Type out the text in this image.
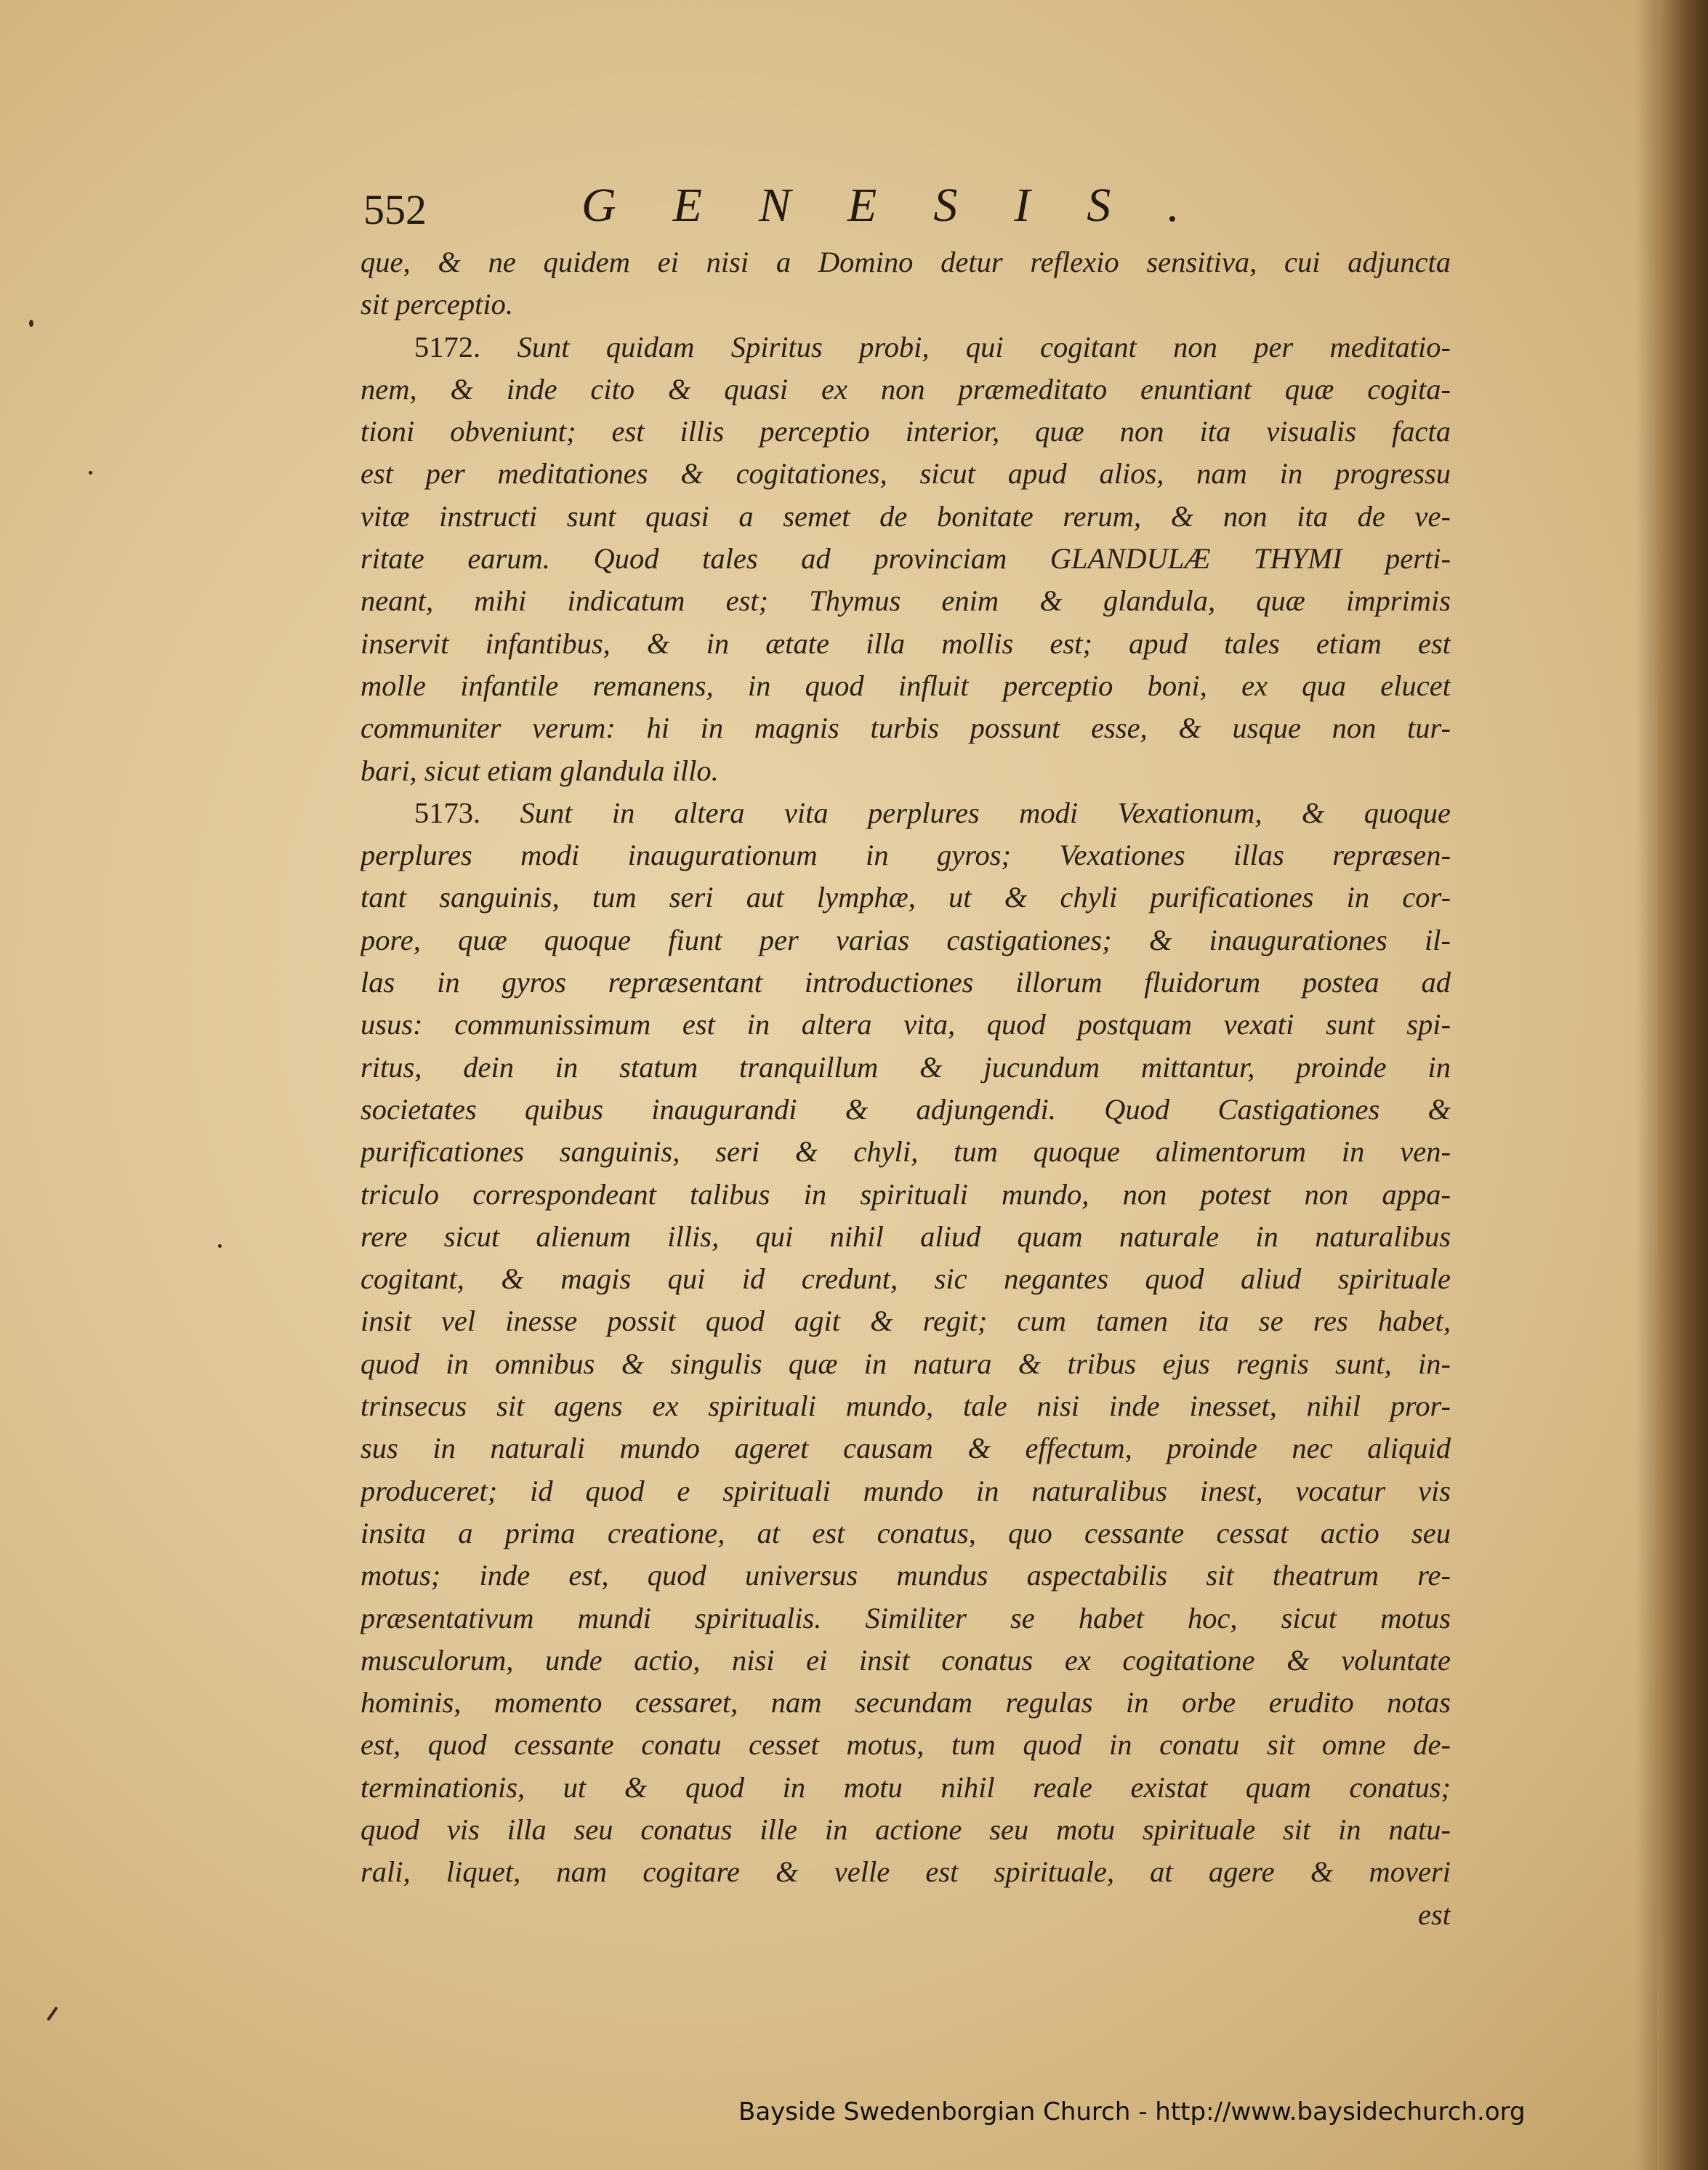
552	GENESIS.
que, & ne quidem ei nisi a Domino detur reflexio sensitiva, cui adjuncta
sit perceptio.
5172. Sunt quidam Spiritus probi, qui cogitant non per meditatio-
nem, & inde cito & quasi ex non præmeditato enuntiant quæ cogita-
tioni obveniunt; est illis perceptio interior, quæ non ita visualis facta
est per meditationes & cogitationes, sicut apud alios, nam in progressu
vitæ instructi sunt quasi a semet de bonitate rerum, & non ita de ve-
ritate earum. Quod tales ad provinciam GLANDULÆ THYMI perti-
neant, mihi indicatum est; Thymus enim & glandula, quæ imprimis
inservit infantibus, & in ætate illa mollis est; apud tales etiam est
molle infantile remanens, in quod influit perceptio boni, ex qua elucet
communiter verum: hi in magnis turbis possunt esse, & usque non tur-
bari, sicut etiam glandula illo.
5173. Sunt in altera vita perplures modi Vexationum, & quoque
perplures modi inaugurationum in gyros; Vexationes illas repræsen-
tant sanguinis, tum seri aut lymphæ, ut & chyli purificationes in cor-
pore, quæ quoque fiunt per varias castigationes; & inaugurationes il-
las in gyros repræsentant introductiones illorum fluidorum postea ad
usus: communissimum est in altera vita, quod postquam vexati sunt spi-
ritus, dein in statum tranquillum & jucundum mittantur, proinde in
societates quibus inaugurandi & adjungendi. Quod Castigationes &
purificationes sanguinis, seri & chyli, tum quoque alimentorum in ven-
triculo correspondeant talibus in spirituali mundo, non potest non appa-
rere sicut alienum illis, qui nihil aliud quam naturale in naturalibus
cogitant, & magis qui id credunt, sic negantes quod aliud spirituale
insit vel inesse possit quod agit & regit; cum tamen ita se res habet,
quod in omnibus & singulis quæ in natura & tribus ejus regnis sunt, in-
trinsecus sit agens ex spirituali mundo, tale nisi inde inesset, nihil pror-
sus in naturali mundo ageret causam & effectum, proinde nec aliquid
produceret; id quod e spirituali mundo in naturalibus inest, vocatur vis
insita a prima creatione, at est conatus, quo cessante cessat actio seu
motus; inde est, quod universus mundus aspectabilis sit theatrum re-
præsentativum mundi spiritualis. Similiter se habet hoc, sicut motus
musculorum, unde actio, nisi ei insit conatus ex cogitatione & voluntate
hominis, momento cessaret, nam secundam regulas in orbe erudito notas
est, quod cessante conatu cesset motus, tum quod in conatu sit omne de-
terminationis, ut & quod in motu nihil reale existat quam conatus;
quod vis illa seu conatus ille in actione seu motu spirituale sit in natu-
rali, liquet, nam cogitare & velle est spirituale, at agere & moveri
est
Bayside Swedenborgian Church - http://www.baysidechurch.org
